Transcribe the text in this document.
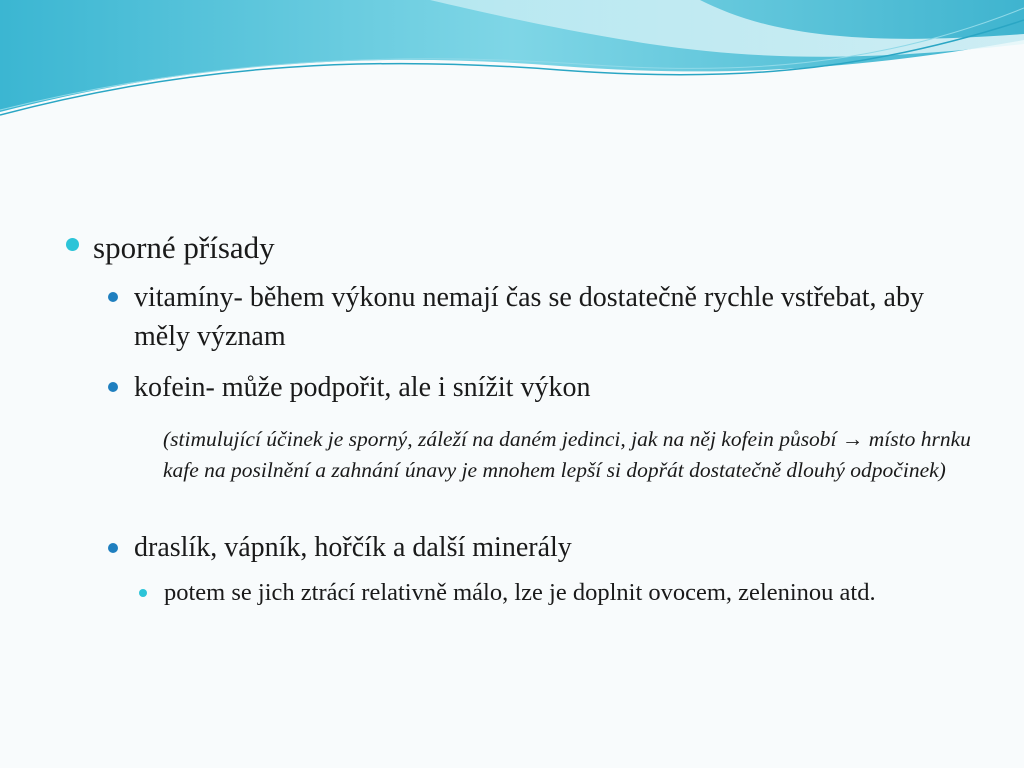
sporné přísady
vitamíny- během výkonu nemají čas se dostatečně rychle vstřebat, aby měly význam
kofein- může podpořit, ale i snížit výkon
(stimulující účinek je sporný, záleží na daném jedinci, jak na něj kofein působí → místo hrnku kafe na posilnění a zahnání únavy je mnohem lepší si dopřát dostatečně dlouhý odpočinek)
draslík, vápník, hořčík a další minerály
potem se jich ztrácí relativně málo, lze je doplnit ovocem, zeleninou atd.
